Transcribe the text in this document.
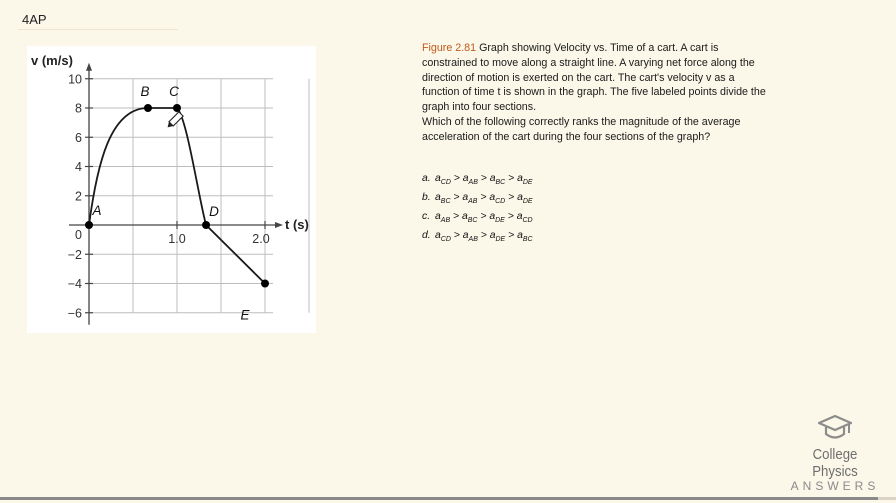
4AP
10
8
6
4
2
0
−2
−4
−6
1.0	2.0
v (m/s)
t (s)
A
B C
D
E

Figure 2.81 Graph showing Velocity vs. Time of a cart. A cart is constrained to move along a straight line. A varying net force along the direction of motion is exerted on the cart. The cart's velocity v as a function of time t is shown in the graph. The five labeled points divide the graph into four sections.

Which of the following correctly ranks the magnitude of the average acceleration of the cart during the four sections of the graph?

a. $a_{CD} > a_{AB} > a_{BC} > a_{DE}$
b. $a_{BC} > a_{AB} > a_{CD} > a_{DE}$
c. $a_{AB} > a_{BC} > a_{DE} > a_{CD}$
d. $a_{CD} > a_{AB} > a_{DE} > a_{BC}$
College Physics
ANSWERS
